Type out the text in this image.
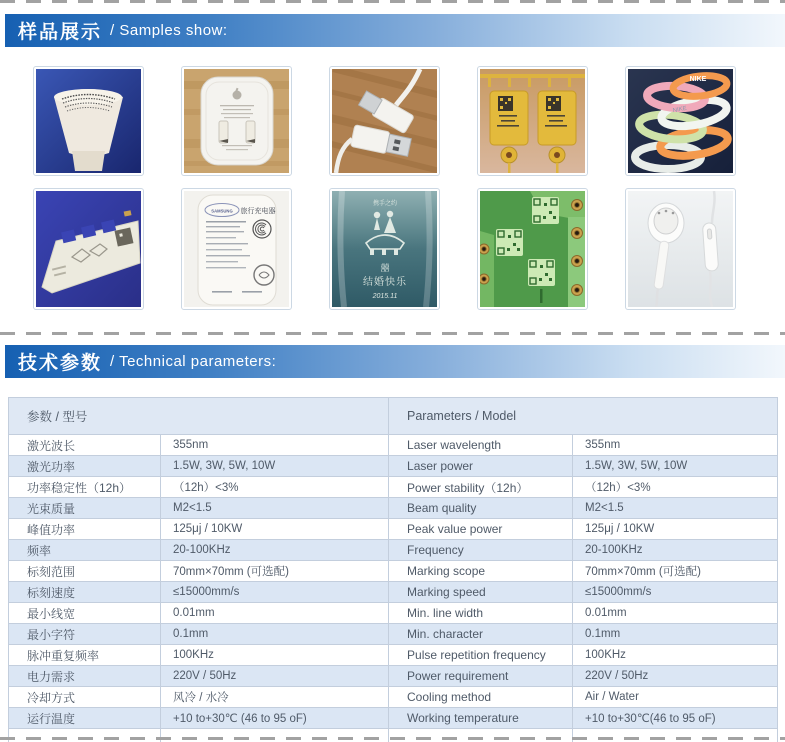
样品展示 / Samples show:
NIKE
NIKE
SAMSUNG 旅行充电器
携手之约
囍
结婚快乐
2015.11
技术参数 / Technical parameters:
参数 / 型号		Parameters / Model	
激光波长	355nm	Laser wavelength	355nm
激光功率	1.5W, 3W, 5W, 10W	Laser power	1.5W, 3W, 5W, 10W
功率稳定性（12h）	（12h）<3%	Power stability（12h）	（12h）<3%
光束质量	M2<1.5	Beam quality	M2<1.5
峰值功率	125μj / 10KW	Peak value power	125μj / 10KW
频率	20-100KHz	Frequency	20-100KHz
标刻范围	70mm×70mm (可选配)	Marking scope	70mm×70mm (可选配)
标刻速度	≤15000mm/s	Marking speed	≤15000mm/s
最小线宽	0.01mm	Min. line width	0.01mm
最小字符	0.1mm	Min. character	0.1mm
脉冲重复频率	100KHz	Pulse repetition frequency	100KHz
电力需求	220V / 50Hz	Power requirement	220V / 50Hz
冷却方式	风冷 / 水冷	Cooling method	Air / Water
运行温度	+10 to+30℃ (46 to 95 oF)	Working temperature	+10 to+30℃(46 to 95 oF)
